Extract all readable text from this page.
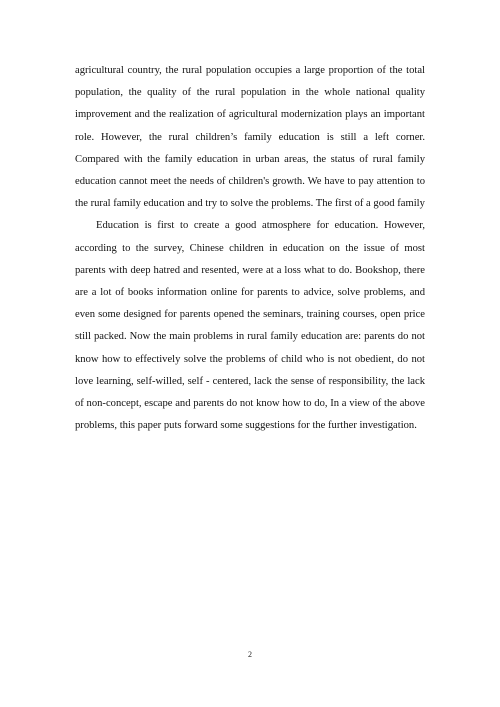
agricultural country, the rural population occupies a large proportion of the total population, the quality of the rural population in the whole national quality improvement and the realization of agricultural modernization plays an important role. However, the rural children’s family education is still a left corner. Compared with the family education in urban areas, the status of rural family education cannot meet the needs of children's growth. We have to pay attention to the rural family education and try to solve the problems. The first of a good family

Education is first to create a good atmosphere for education. However, according to the survey, Chinese children in education on the issue of most parents with deep hatred and resented, were at a loss what to do. Bookshop, there are a lot of books information online for parents to advice, solve problems, and even some designed for parents opened the seminars, training courses, open price still packed. Now the main problems in rural family education are: parents do not know how to effectively solve the problems of child who is not obedient, do not love learning, self-willed, self - centered, lack the sense of responsibility, the lack of non-concept, escape and parents do not know how to do, In a view of the above problems, this paper puts forward some suggestions for the further investigation.

2
